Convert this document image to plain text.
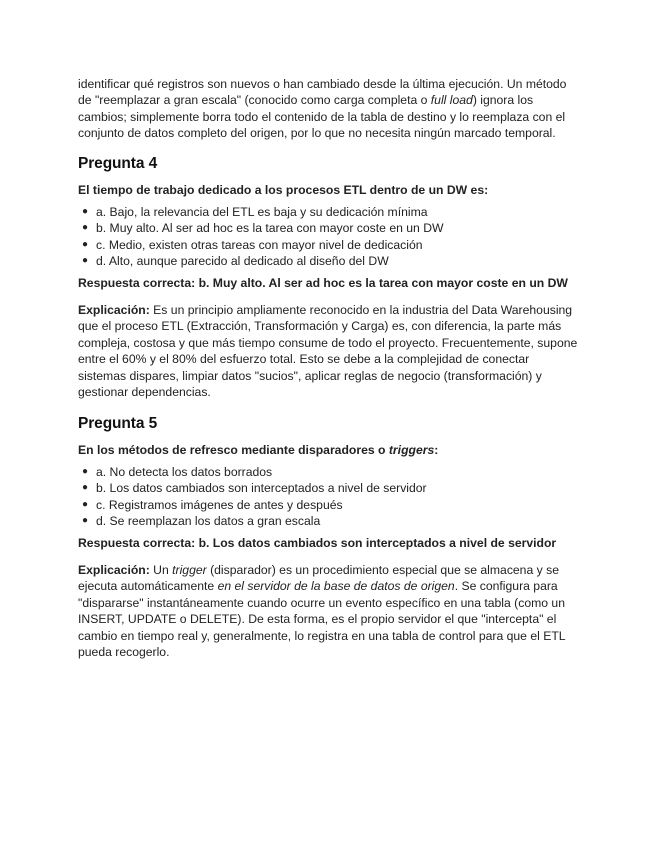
identificar qué registros son nuevos o han cambiado desde la última ejecución. Un método de "reemplazar a gran escala" (conocido como carga completa o full load) ignora los cambios; simplemente borra todo el contenido de la tabla de destino y lo reemplaza con el conjunto de datos completo del origen, por lo que no necesita ningún marcado temporal.

Pregunta 4

El tiempo de trabajo dedicado a los procesos ETL dentro de un DW es:

● a. Bajo, la relevancia del ETL es baja y su dedicación mínima
● b. Muy alto. Al ser ad hoc es la tarea con mayor coste en un DW
● c. Medio, existen otras tareas con mayor nivel de dedicación
● d. Alto, aunque parecido al dedicado al diseño del DW

Respuesta correcta: b. Muy alto. Al ser ad hoc es la tarea con mayor coste en un DW

Explicación: Es un principio ampliamente reconocido en la industria del Data Warehousing que el proceso ETL (Extracción, Transformación y Carga) es, con diferencia, la parte más compleja, costosa y que más tiempo consume de todo el proyecto. Frecuentemente, supone entre el 60% y el 80% del esfuerzo total. Esto se debe a la complejidad de conectar sistemas dispares, limpiar datos "sucios", aplicar reglas de negocio (transformación) y gestionar dependencias.

Pregunta 5

En los métodos de refresco mediante disparadores o triggers:

● a. No detecta los datos borrados
● b. Los datos cambiados son interceptados a nivel de servidor
● c. Registramos imágenes de antes y después
● d. Se reemplazan los datos a gran escala

Respuesta correcta: b. Los datos cambiados son interceptados a nivel de servidor

Explicación: Un trigger (disparador) es un procedimiento especial que se almacena y se ejecuta automáticamente en el servidor de la base de datos de origen. Se configura para "dispararse" instantáneamente cuando ocurre un evento específico en una tabla (como un INSERT, UPDATE o DELETE). De esta forma, es el propio servidor el que "intercepta" el cambio en tiempo real y, generalmente, lo registra en una tabla de control para que el ETL pueda recogerlo.
